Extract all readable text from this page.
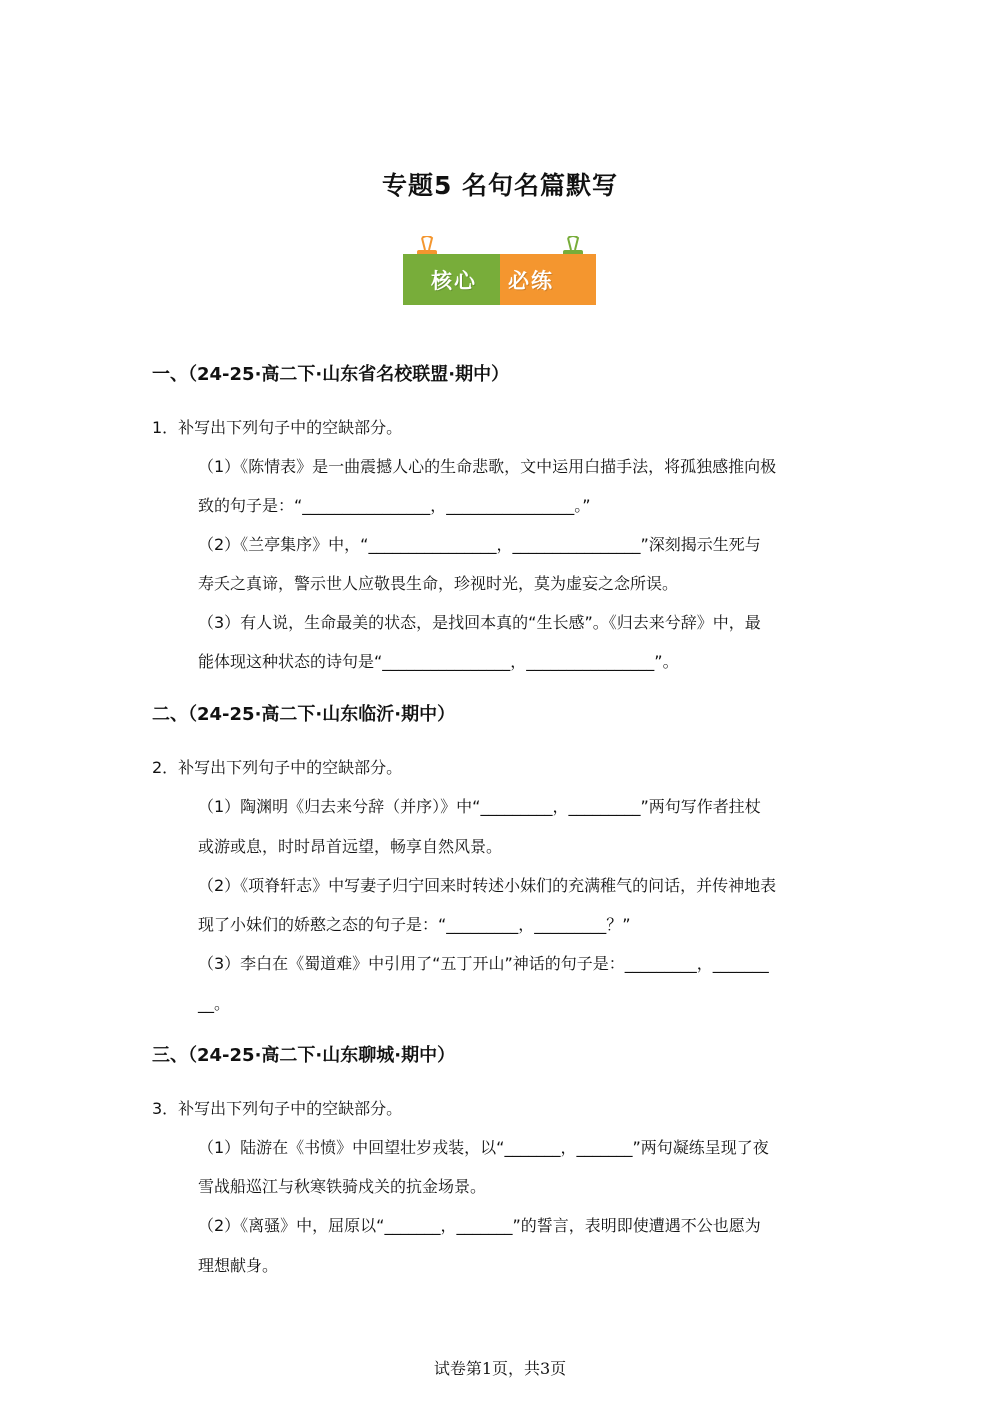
专题5 名句名篇默写
核心 必练
一、（24-25·高二下·山东省名校联盟·期中）
1．补写出下列句子中的空缺部分。
（1）《陈情表》是一曲震撼人心的生命悲歌，文中运用白描手法，将孤独感推向极
致的句子是：“________________，________________。”
（2）《兰亭集序》中，“________________，________________”深刻揭示生死与
寿夭之真谛，警示世人应敬畏生命，珍视时光，莫为虚妄之念所误。
（3）有人说，生命最美的状态，是找回本真的“生长感”。《归去来兮辞》中，最
能体现这种状态的诗句是“________________，________________”。
二、（24-25·高二下·山东临沂·期中）
2．补写出下列句子中的空缺部分。
（1）陶渊明《归去来兮辞（并序）》中“_________，_________”两句写作者拄杖
或游或息，时时昂首远望，畅享自然风景。
（2）《项脊轩志》中写妻子归宁回来时转述小妹们的充满稚气的问话，并传神地表
现了小妹们的娇憨之态的句子是：“_________，_________？”
（3）李白在《蜀道难》中引用了“五丁开山”神话的句子是：_________，_______
__。
三、（24-25·高二下·山东聊城·期中）
3．补写出下列句子中的空缺部分。
（1）陆游在《书愤》中回望壮岁戎装，以“_______，_______”两句凝练呈现了夜
雪战船巡江与秋寒铁骑戍关的抗金场景。
（2）《离骚》中，屈原以“_______，_______”的誓言，表明即使遭遇不公也愿为
理想献身。
试卷第1页，共3页
